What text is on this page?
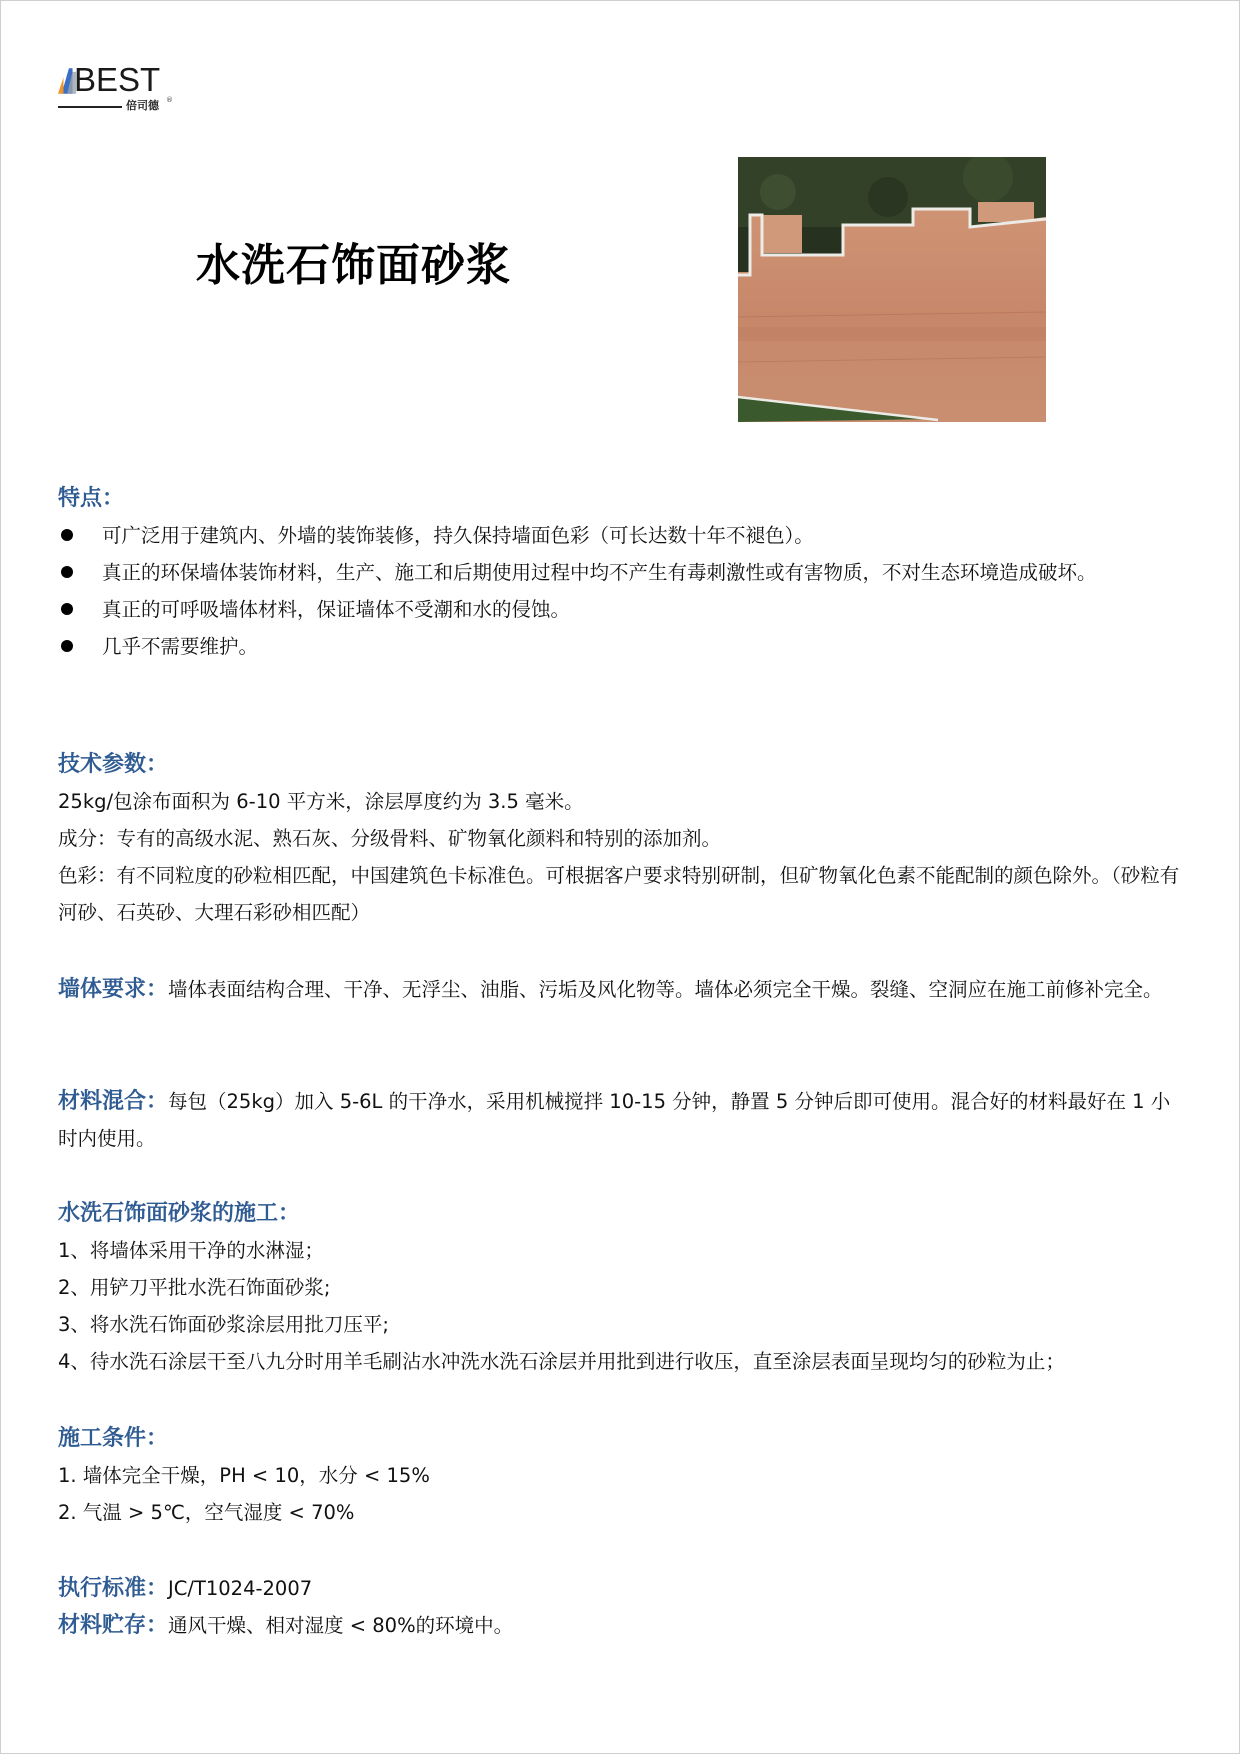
BEST
倍司德 ®
水洗石饰面砂浆
特点：
可广泛用于建筑内、外墙的装饰装修，持久保持墙面色彩（可长达数十年不褪色）。
真正的环保墙体装饰材料，生产、施工和后期使用过程中均不产生有毒刺激性或有害物质，不对生态环境造成破坏。
真正的可呼吸墙体材料，保证墙体不受潮和水的侵蚀。
几乎不需要维护。
技术参数：
25kg/包涂布面积为 6-10 平方米，涂层厚度约为 3.5 毫米。
成分：专有的高级水泥、熟石灰、分级骨料、矿物氧化颜料和特别的添加剂。
色彩：有不同粒度的砂粒相匹配，中国建筑色卡标准色。可根据客户要求特别研制，但矿物氧化色素不能配制的颜色除外。（砂粒有河砂、石英砂、大理石彩砂相匹配）
墙体要求：墙体表面结构合理、干净、无浮尘、油脂、污垢及风化物等。墙体必须完全干燥。裂缝、空洞应在施工前修补完全。
材料混合：每包（25kg）加入 5-6L 的干净水，采用机械搅拌 10-15 分钟，静置 5 分钟后即可使用。混合好的材料最好在 1 小时内使用。
水洗石饰面砂浆的施工：
1、将墙体采用干净的水淋湿；
2、用铲刀平批水洗石饰面砂浆;
3、将水洗石饰面砂浆涂层用批刀压平;
4、待水洗石涂层干至八九分时用羊毛刷沾水冲洗水洗石涂层并用批到进行收压，直至涂层表面呈现均匀的砂粒为止；
施工条件：
1. 墙体完全干燥，PH < 10，水分 < 15%
2. 气温 > 5℃，空气湿度 < 70%
执行标准：JC/T1024-2007
材料贮存：通风干燥、相对湿度 < 80%的环境中。
